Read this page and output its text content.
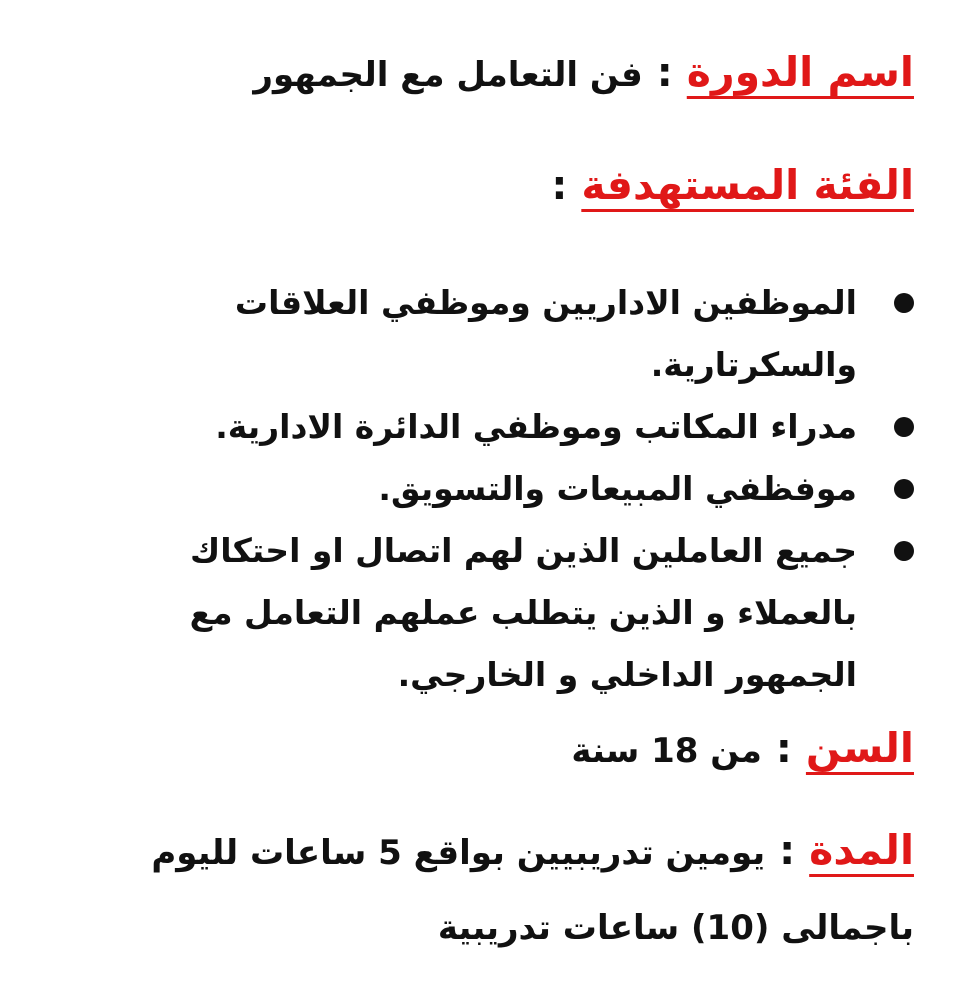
اسم الدورة:فن التعامل مع الجمهور
الفئة المستهدفة:
الموظفين الاداريين وموظفي العلاقات والسكرتارية.
مدراء المكاتب وموظفي الدائرة الادارية.
موفظفي المبيعات والتسويق.
جميع العاملين الذين لهم اتصال او احتكاك بالعملاء و الذين يتطلب عملهم التعامل مع الجمهور الداخلي و الخارجي.
السن:من 18 سنة
المدة:يومين تدريبيين بواقع 5 ساعات لليوم
باجمالى (10) ساعات تدريبية
